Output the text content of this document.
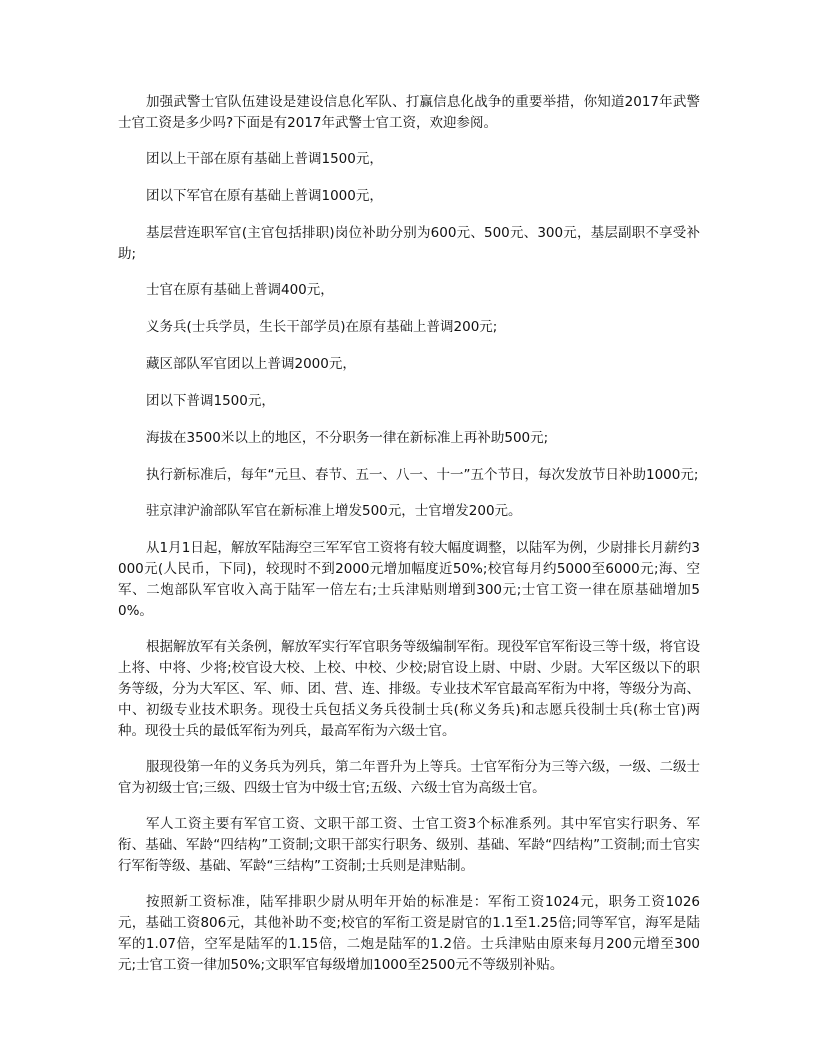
加强武警士官队伍建设是建设信息化军队、打赢信息化战争的重要举措，你知道2017年武警士官工资是多少吗?下面是有2017年武警士官工资，欢迎参阅。

团以上干部在原有基础上普调1500元，

团以下军官在原有基础上普调1000元，

基层营连职军官(主官包括排职)岗位补助分别为600元、500元、300元，基层副职不享受补助;

士官在原有基础上普调400元，

义务兵(士兵学员，生长干部学员)在原有基础上普调200元;

藏区部队军官团以上普调2000元，

团以下普调1500元，

海拔在3500米以上的地区，不分职务一律在新标准上再补助500元;

执行新标准后，每年“元旦、春节、五一、八一、十一”五个节日，每次发放节日补助1000元;

驻京津沪渝部队军官在新标准上增发500元，士官增发200元。

从1月1日起，解放军陆海空三军军官工资将有较大幅度调整，以陆军为例，少尉排长月薪约3000元(人民币，下同)，较现时不到2000元增加幅度近50%;校官每月约5000至6000元;海、空军、二炮部队军官收入高于陆军一倍左右;士兵津贴则增到300元;士官工资一律在原基础增加50%。

根据解放军有关条例，解放军实行军官职务等级编制军衔。现役军官军衔设三等十级，将官设上将、中将、少将;校官设大校、上校、中校、少校;尉官设上尉、中尉、少尉。大军区级以下的职务等级，分为大军区、军、师、团、营、连、排级。专业技术军官最高军衔为中将，等级分为高、中、初级专业技术职务。现役士兵包括义务兵役制士兵(称义务兵)和志愿兵役制士兵(称士官)两种。现役士兵的最低军衔为列兵，最高军衔为六级士官。

服现役第一年的义务兵为列兵，第二年晋升为上等兵。士官军衔分为三等六级，一级、二级士官为初级士官;三级、四级士官为中级士官;五级、六级士官为高级士官。

军人工资主要有军官工资、文职干部工资、士官工资3个标准系列。其中军官实行职务、军衔、基础、军龄“四结构”工资制;文职干部实行职务、级别、基础、军龄“四结构”工资制;而士官实行军衔等级、基础、军龄“三结构”工资制;士兵则是津贴制。

按照新工资标准，陆军排职少尉从明年开始的标准是：军衔工资1024元，职务工资1026元，基础工资806元，其他补助不变;校官的军衔工资是尉官的1.1至1.25倍;同等军官，海军是陆军的1.07倍，空军是陆军的1.15倍，二炮是陆军的1.2倍。士兵津贴由原来每月200元增至300元;士官工资一律加50%;文职军官每级增加1000至2500元不等级别补贴。
